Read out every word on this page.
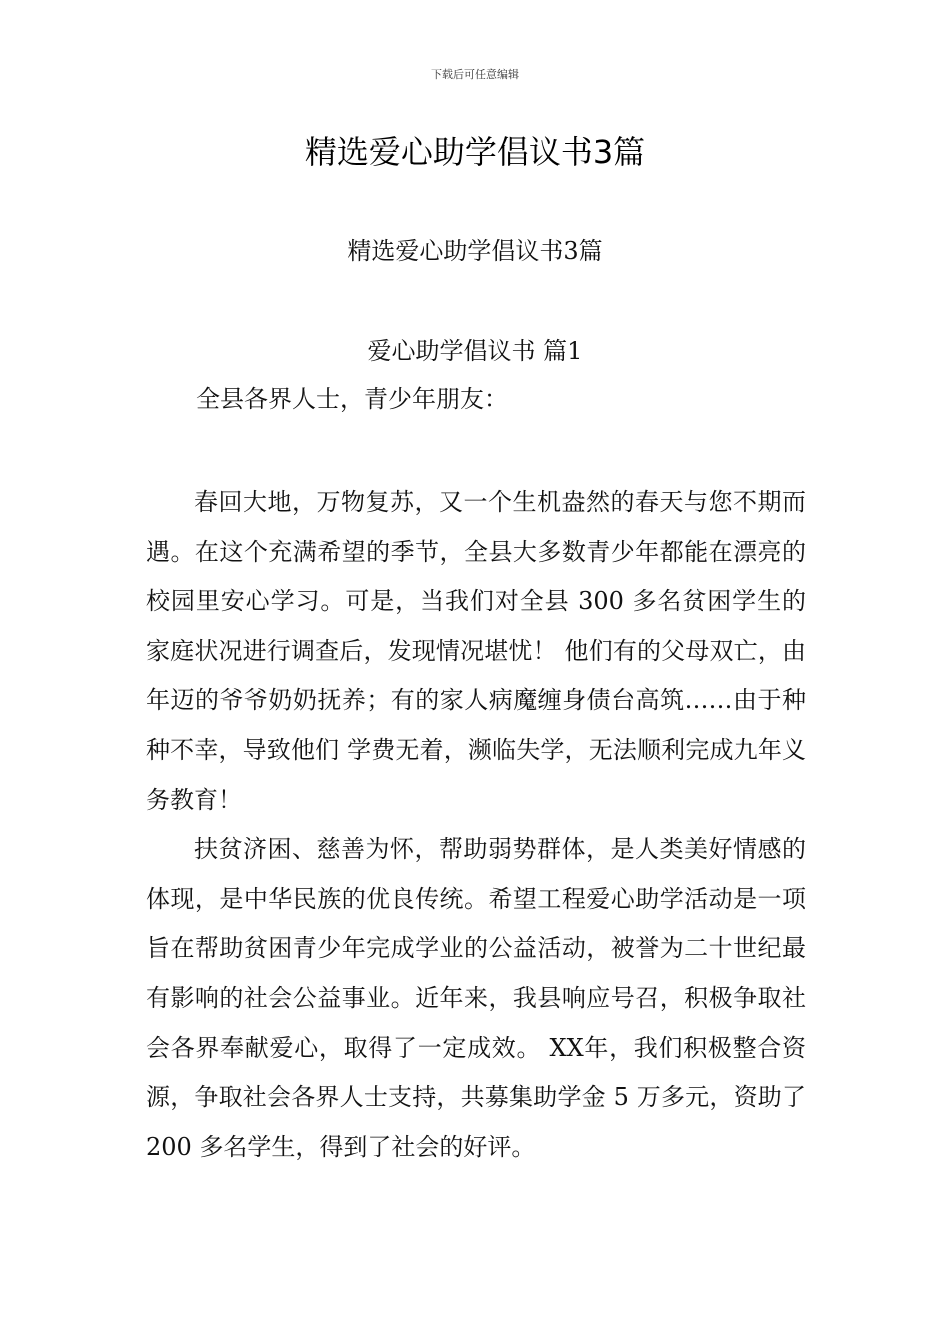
下载后可任意编辑
精选爱心助学倡议书3篇
精选爱心助学倡议书3篇
爱心助学倡议书 篇1
全县各界人士，青少年朋友：

春回大地，万物复苏，又一个生机盎然的春天与您不期而遇。在这个充满希望的季节，全县大多数青少年都能在漂亮的校园里安心学习。可是，当我们对全县 300 多名贫困学生的家庭状况进行调查后，发现情况堪忧！ 他们有的父母双亡，由年迈的爷爷奶奶抚养；有的家人病魔缠身债台高筑……由于种种不幸，导致他们 学费无着，濒临失学，无法顺利完成九年义务教育！

扶贫济困、慈善为怀，帮助弱势群体，是人类美好情感的体现，是中华民族的优良传统。希望工程爱心助学活动是一项旨在帮助贫困青少年完成学业的公益活动，被誉为二十世纪最有影响的社会公益事业。近年来，我县响应号召，积极争取社会各界奉献爱心，取得了一定成效。 XX年，我们积极整合资源，争取社会各界人士支持，共募集助学金 5 万多元，资助了 200 多名学生，得到了社会的好评。
